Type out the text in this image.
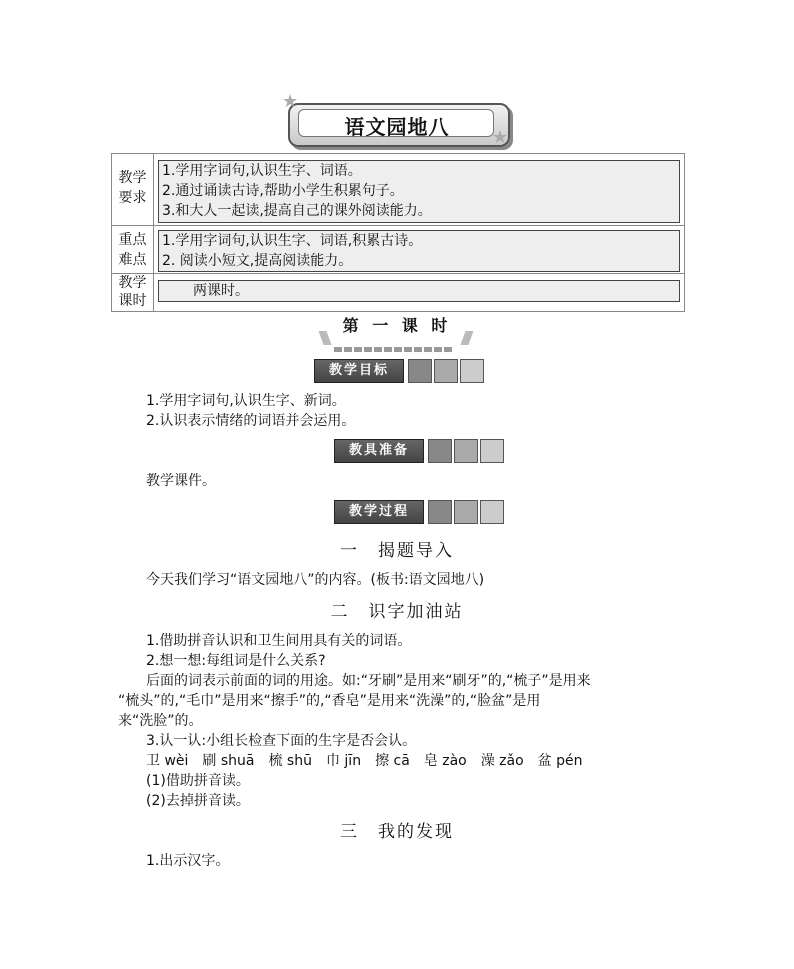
语文园地八
★
★
教学
要求
1.学用字词句,认识生字、词语。
2.通过诵读古诗,帮助小学生积累句子。
3.和大人一起读,提高自己的课外阅读能力。
重点
难点
1.学用字词句,认识生字、词语,积累古诗。
2. 阅读小短文,提高阅读能力。
教学
课时
两课时。
第 一 课 时
教学目标
1.学用字词句,认识生字、新词。
2.认识表示情绪的词语并会运用。
教具准备
教学课件。
教学过程
一　揭题导入
今天我们学习“语文园地八”的内容。(板书:语文园地八)
二　识字加油站
1.借助拼音认识和卫生间用具有关的词语。
2.想一想:每组词是什么关系?
后面的词表示前面的词的用途。如:“牙刷”是用来“刷牙”的,“梳子”是用来
“梳头”的,“毛巾”是用来“擦手”的,“香皂”是用来“洗澡”的,“脸盆”是用
来“洗脸”的。
3.认一认:小组长检查下面的生字是否会认。
卫 wèi　刷 shuā　梳 shū　巾 jīn　擦 cā　皂 zào　澡 zǎo　盆 pén
(1)借助拼音读。
(2)去掉拼音读。
三　我的发现
1.出示汉字。
